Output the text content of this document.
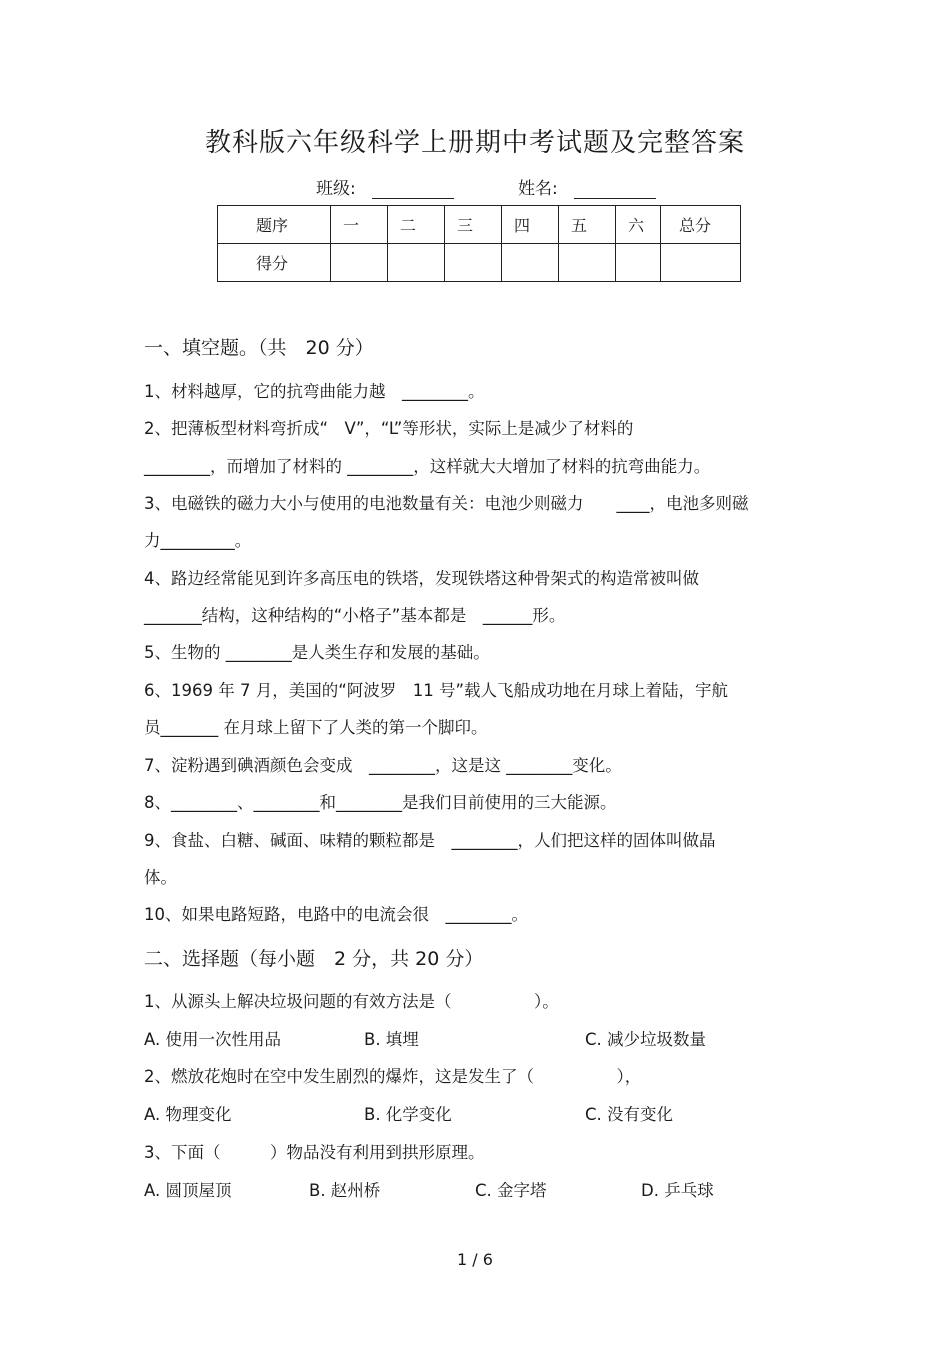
教科版六年级科学上册期中考试题及完整答案
班级:	姓名:
题序	一	二	三	四	五	六	总分
得分							
一、填空题。（共　20 分）
1、材料越厚，它的抗弯曲能力越　________。
2、把薄板型材料弯折成“　V”，“L”等形状，实际上是减少了材料的
________，而增加了材料的 ________，这样就大大增加了材料的抗弯曲能力。
3、电磁铁的磁力大小与使用的电池数量有关：电池少则磁力　　____，电池多则磁
力_________。
4、路边经常能见到许多高压电的铁塔，发现铁塔这种骨架式的构造常被叫做
_______结构，这种结构的“小格子”基本都是　______形。
5、生物的 ________是人类生存和发展的基础。
6、1969 年 7 月，美国的“阿波罗　11 号”载人飞船成功地在月球上着陆，宇航
员_______ 在月球上留下了人类的第一个脚印。
7、淀粉遇到碘酒颜色会变成　________，这是这 ________变化。
8、________、________和________是我们目前使用的三大能源。
9、食盐、白糖、碱面、味精的颗粒都是　________，人们把这样的固体叫做晶
体。
10、如果电路短路，电路中的电流会很　________。
二、选择题（每小题　2 分，共 20 分）
1、从源头上解决垃圾问题的有效方法是（　　　　　）。
A. 使用一次性用品	B. 填埋	C. 减少垃圾数量
2、燃放花炮时在空中发生剧烈的爆炸，这是发生了（　　　　　），
A. 物理变化	B. 化学变化	C. 没有变化
3、下面（　　　）物品没有利用到拱形原理。
A. 圆顶屋顶	B. 赵州桥	C. 金字塔	D. 乒乓球
1 / 6
